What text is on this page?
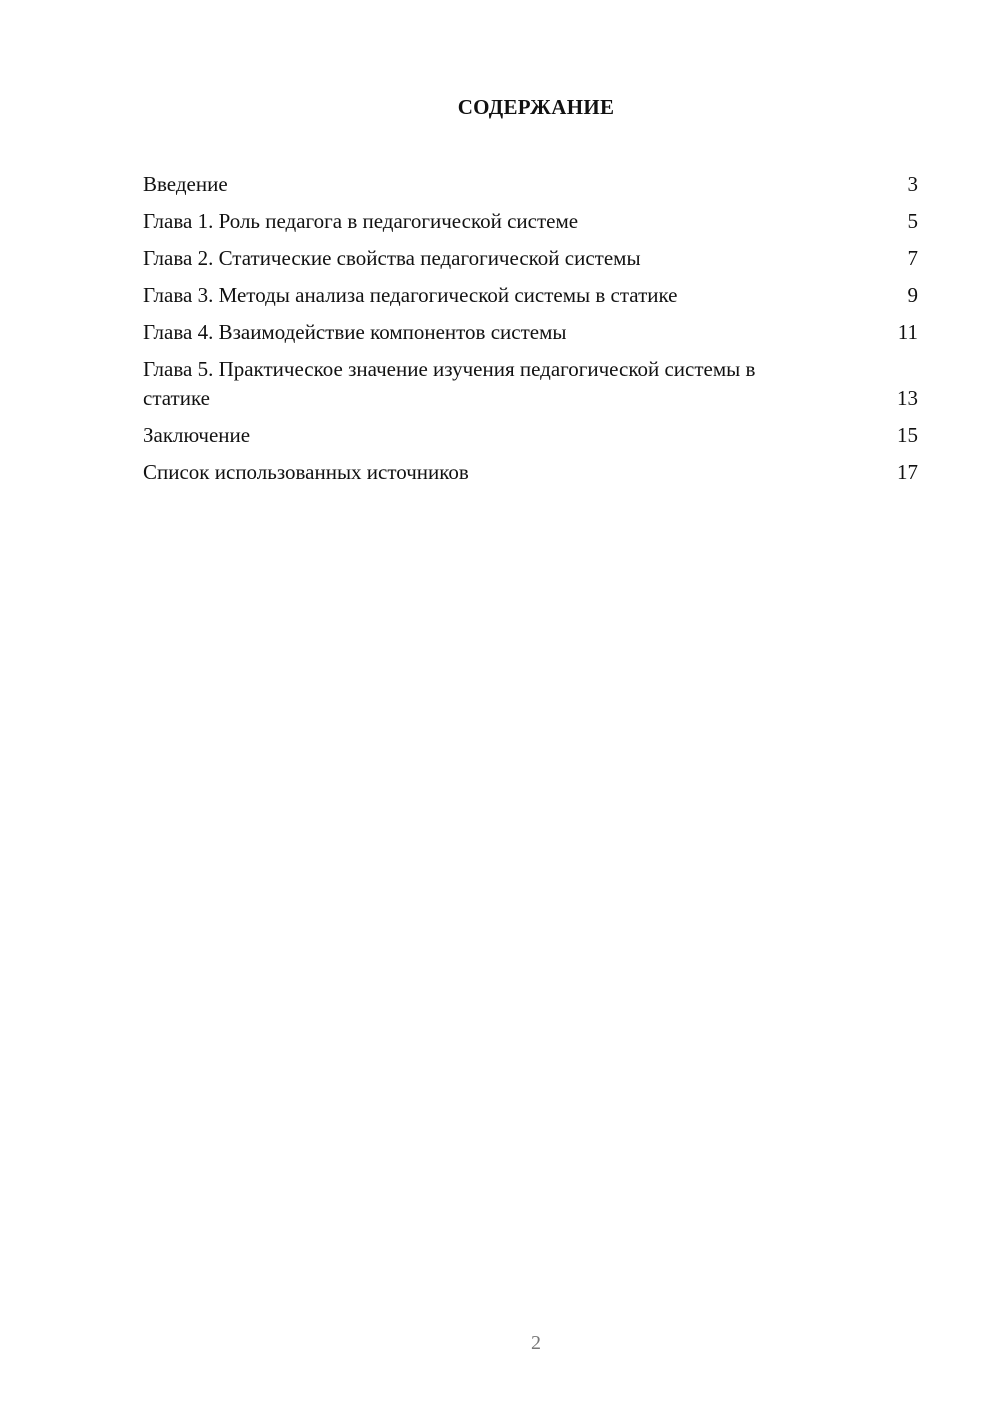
СОДЕРЖАНИЕ
Введение	3
Глава 1. Роль педагога в педагогической системе	5
Глава 2. Статические свойства педагогической системы	7
Глава 3. Методы анализа педагогической системы в статике	9
Глава 4. Взаимодействие компонентов системы	11
Глава 5. Практическое значение изучения педагогической системы в статике	13
Заключение	15
Список использованных источников	17
2
